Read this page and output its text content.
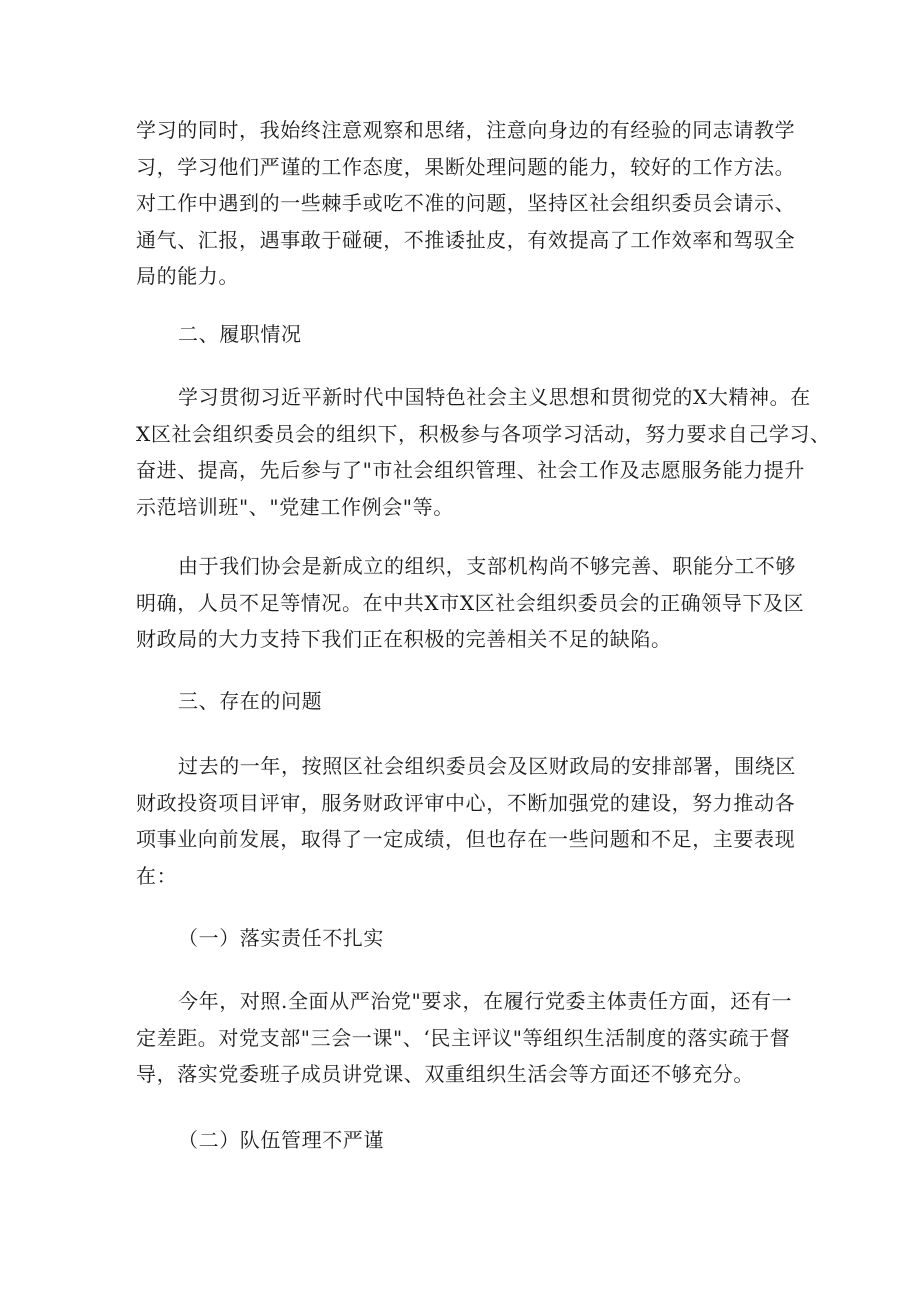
学习的同时，我始终注意观察和思绪，注意向身边的有经验的同志请教学
习，学习他们严谨的工作态度，果断处理问题的能力，较好的工作方法。
对工作中遇到的一些棘手或吃不准的问题，坚持区社会组织委员会请示、
通气、汇报，遇事敢于碰硬，不推诿扯皮，有效提高了工作效率和驾驭全
局的能力。
二、履职情况
学习贯彻习近平新时代中国特色社会主义思想和贯彻党的X大精神。在
X区社会组织委员会的组织下，积极参与各项学习活动，努力要求自己学习、
奋进、提高，先后参与了"市社会组织管理、社会工作及志愿服务能力提升
示范培训班"、"党建工作例会"等。
由于我们协会是新成立的组织，支部机构尚不够完善、职能分工不够
明确，人员不足等情况。在中共X市X区社会组织委员会的正确领导下及区
财政局的大力支持下我们正在积极的完善相关不足的缺陷。
三、存在的问题
过去的一年，按照区社会组织委员会及区财政局的安排部署，围绕区
财政投资项目评审，服务财政评审中心，不断加强党的建设，努力推动各
项事业向前发展，取得了一定成绩，但也存在一些问题和不足，主要表现
在：
（一）落实责任不扎实
今年，对照.全面从严治党"要求，在履行党委主体责任方面，还有一
定差距。对党支部"三会一课"、‘民主评议"等组织生活制度的落实疏于督
导，落实党委班子成员讲党课、双重组织生活会等方面还不够充分。
（二）队伍管理不严谨
